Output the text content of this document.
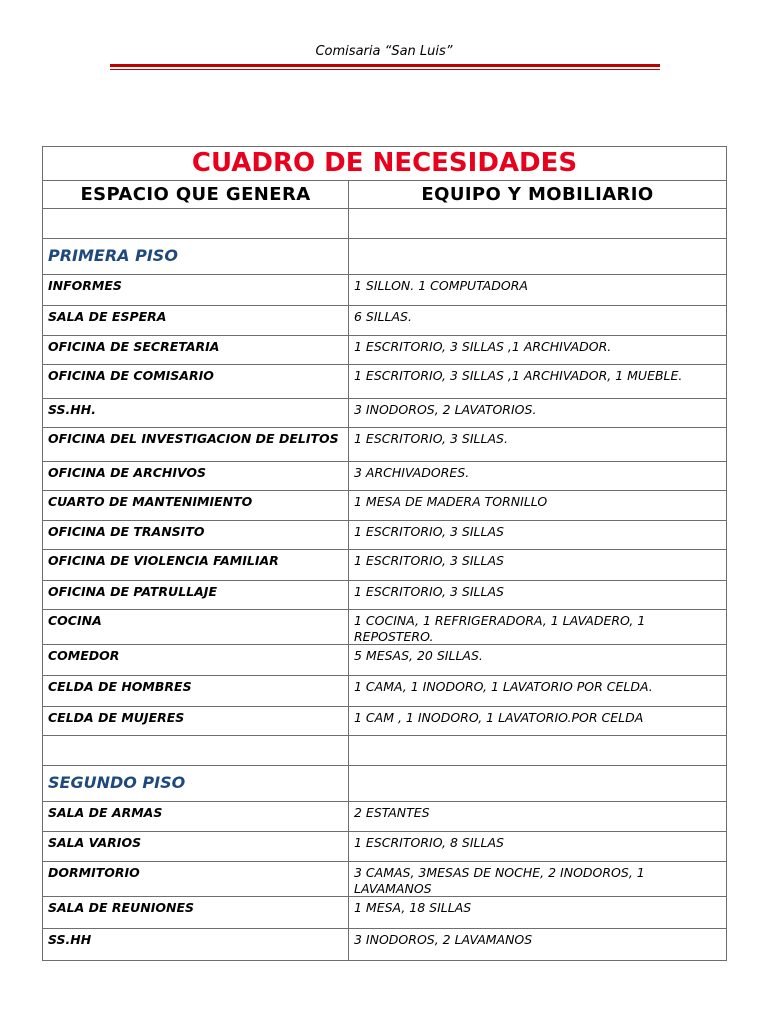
Comisaria “San Luis”
CUADRO DE NECESIDADES	
ESPACIO QUE GENERA	EQUIPO Y MOBILIARIO

PRIMERA PISO	
INFORMES	1 SILLON. 1 COMPUTADORA
SALA DE ESPERA	6 SILLAS.
OFICINA DE SECRETARIA	1 ESCRITORIO, 3 SILLAS ,1 ARCHIVADOR.
OFICINA DE COMISARIO	1 ESCRITORIO, 3 SILLAS ,1 ARCHIVADOR, 1 MUEBLE.
SS.HH.	3 INODOROS, 2 LAVATORIOS.
OFICINA DEL INVESTIGACION DE DELITOS	1 ESCRITORIO, 3 SILLAS.
OFICINA DE ARCHIVOS	3 ARCHIVADORES.
CUARTO DE MANTENIMIENTO	1 MESA DE MADERA TORNILLO
OFICINA DE TRANSITO	1 ESCRITORIO, 3 SILLAS
OFICINA DE VIOLENCIA FAMILIAR	1 ESCRITORIO, 3 SILLAS
OFICINA DE PATRULLAJE	1 ESCRITORIO, 3 SILLAS
COCINA	1 COCINA, 1 REFRIGERADORA, 1 LAVADERO, 1 REPOSTERO.
COMEDOR	5 MESAS, 20 SILLAS.
CELDA DE HOMBRES	1 CAMA, 1 INODORO, 1 LAVATORIO POR CELDA.
CELDA DE MUJERES	1 CAM , 1 INODORO, 1 LAVATORIO.POR CELDA

SEGUNDO PISO	
SALA DE ARMAS	2 ESTANTES
SALA VARIOS	1 ESCRITORIO, 8 SILLAS
DORMITORIO	3 CAMAS, 3MESAS DE NOCHE, 2 INODOROS, 1 LAVAMANOS
SALA DE REUNIONES	1 MESA, 18 SILLAS
SS.HH	3 INODOROS, 2 LAVAMANOS
